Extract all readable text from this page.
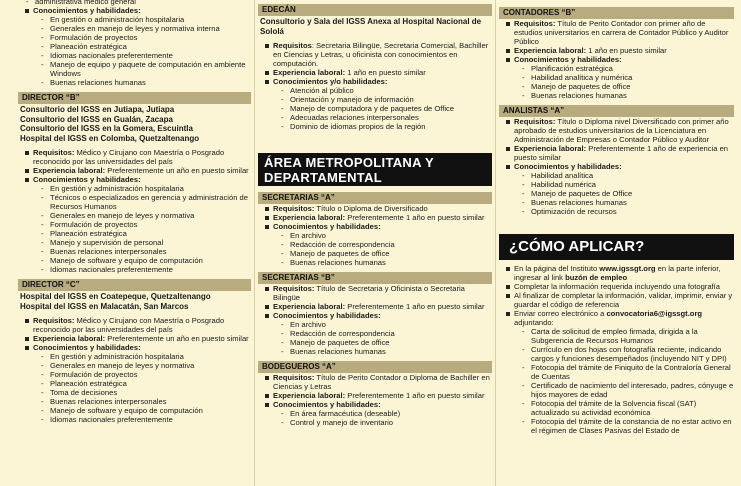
- administrativa médico general
Conocimientos y habilidades:
- En gestión o administración hospitalaria
- Generales en manejo de leyes y normativa interna
- Formulación de proyectos
- Planeación estratégica
- Idiomas nacionales preferentemente
- Manejo de equipo y paquete de computación en ambiente Windows
- Buenas relaciones humanas
DIRECTOR “B”
Consultorio del IGSS en Jutiapa, Jutiapa
Consultorio del IGSS en Gualán, Zacapa
Consultorio del IGSS en la Gomera, Escuintla
Hospital del IGSS en Colomba, Quetzaltenango
Requisitos: Médico y Cirujano con Maestría o Posgrado reconocido por las universidades del país
Experiencia laboral: Preferentemente un año en puesto similar
Conocimientos y habilidades:
- En gestión y administración hospitalaria
- Técnicos o especializados en gerencia y administración de Recursos Humanos
- Generales en manejo de leyes y normativa
- Formulación de proyectos
- Planeación estratégica
- Manejo y supervisión de personal
- Buenas relaciones interpersonales
- Manejo de software y equipo de computación
- Idiomas nacionales preferentemente
DIRECTOR “C”
Hospital del IGSS en Coatepeque, Quetzaltenango
Hospital del IGSS en Malacatán, San Marcos
Requisitos: Médico y Cirujano con Maestría o Posgrado reconocido por las universidades del país
Experiencia laboral: Preferentemente un año en puesto similar
Conocimientos y habilidades:
- En gestión y administración hospitalaria
- Generales en manejo de leyes y normativa
- Formulación de proyectos
- Planeación estratégica
- Toma de decisiones
- Buenas relaciones interpersonales
- Manejo de software y equipo de computación
- Idiomas nacionales preferentemente
EDECÁN
Consultorio y Sala del IGSS Anexa al Hospital Nacional de Sololá
Requisitos: Secretaria Bilingüe, Secretaria Comercial, Bachiller en Ciencias y Letras, u oficinista con conocimientos en computación.
Experiencia laboral: 1 año en puesto similar
Conocimientos y/o habilidades:
- Atención al público
- Orientación y manejo de información
- Manejo de computadora y de paquetes de Office
- Adecuadas relaciones interpersonales
- Dominio de idiomas propios de la región
ÁREA METROPOLITANA Y DEPARTAMENTAL
SECRETARIAS “A”
Requisitos: Título o Diploma de Diversificado
Experiencia laboral: Preferentemente 1 año en puesto similar
Conocimientos y habilidades:
- En archivo
- Redacción de correspondencia
- Manejo de paquetes de office
- Buenas relaciones humanas
SECRETARIAS “B”
Requisitos: Título de Secretaria y Oficinista o Secretaria Bilingüe
Experiencia laboral: Preferentemente 1 año en puesto similar
Conocimientos y habilidades:
- En archivo
- Redacción de correspondencia
- Manejo de paquetes de office
- Buenas relaciones humanas
BODEGUEROS “A”
Requisitos: Título de Perito Contador o Diploma de Bachiller en Ciencias y Letras
Experiencia laboral: Preferentemente 1 año en puesto similar
Conocimientos y habilidades:
- En área farmacéutica (deseable)
- Control y manejo de inventario
CONTADORES “B”
Requisitos: Título de Perito Contador con primer año de estudios universitarios en carrera de Contador Público y Auditor Público
Experiencia laboral: 1 año en puesto similar
Conocimientos y habilidades:
- Planificación estratégica
- Habilidad analítica y numérica
- Manejo de paquetes de office
- Buenas relaciones humanas
ANALISTAS “A”
Requisitos: Título o Diploma nivel Diversificado con primer año aprobado de estudios universitarios de la Licenciatura en Administración de Empresas o Contador Público y Auditor
Experiencia laboral: Preferentemente 1 año de experiencia en puesto similar
Conocimientos y habilidades:
- Habilidad analítica
- Habilidad numérica
- Manejo de paquetes de Office
- Buenas relaciones humanas
- Optimización de recursos
¿CÓMO APLICAR?
En la página del Instituto www.igssgt.org en la parte inferior, ingresar al link buzón de empleo
Completar la información requerida incluyendo una fotografía
Al finalizar de completar la información, validar, imprimir, enviar y guardar el código de referencia
Enviar correo electrónico a convocatoria6@igssgt.org adjuntando:
- Carta de solicitud de empleo firmada, dirigida a la Subgerencia de Recursos Humanos
- Currículo en dos hojas con fotografía reciente, indicando cargos y funciones desempeñados (incluyendo NIT y DPI)
- Fotocopia del trámite de Finiquito de la Contraloría General de Cuentas
- Certificado de nacimiento del interesado, padres, cónyuge e hijos mayores de edad
- Fotocopia del trámite de la Solvencia fiscal (SAT) actualizado su actividad económica
- Fotocopia del trámite de la constancia de no estar activo en el régimen de Clases Pasivas del Estado de
